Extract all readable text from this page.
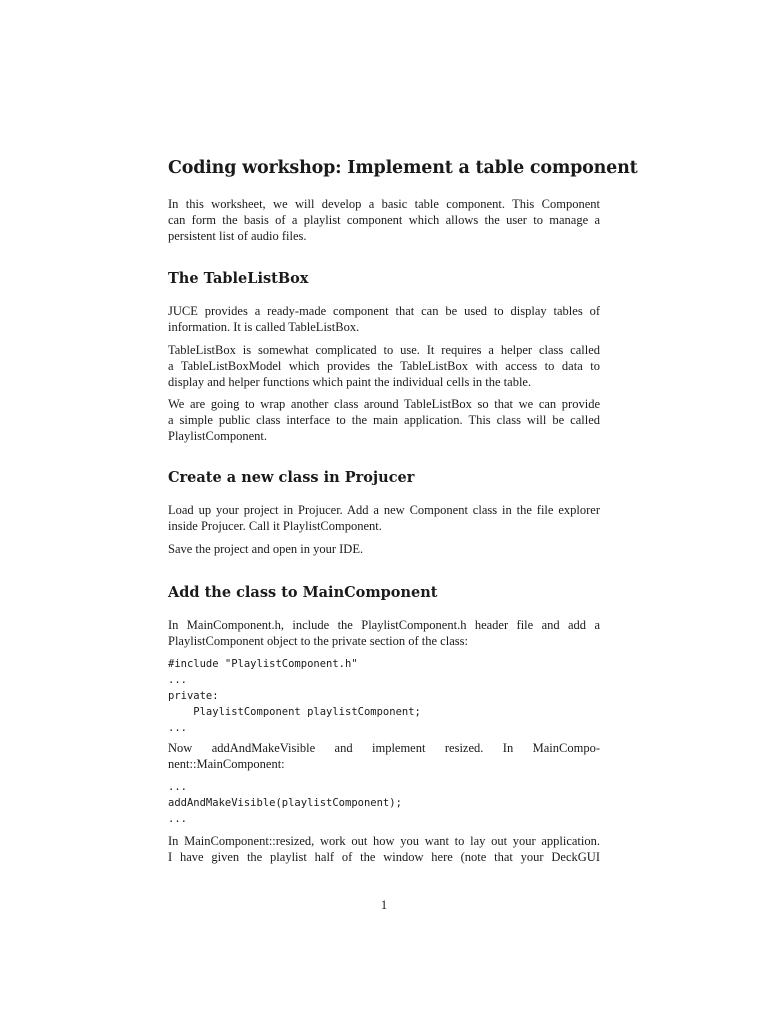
Coding workshop: Implement a table component

In this worksheet, we will develop a basic table component. This Component
can form the basis of a playlist component which allows the user to manage a
persistent list of audio files.

The TableListBox

JUCE provides a ready-made component that can be used to display tables of
information. It is called TableListBox.

TableListBox is somewhat complicated to use. It requires a helper class called
a TableListBoxModel which provides the TableListBox with access to data to
display and helper functions which paint the individual cells in the table.

We are going to wrap another class around TableListBox so that we can provide
a simple public class interface to the main application. This class will be called
PlaylistComponent.

Create a new class in Projucer

Load up your project in Projucer. Add a new Component class in the file explorer
inside Projucer. Call it PlaylistComponent.

Save the project and open in your IDE.

Add the class to MainComponent

In MainComponent.h, include the PlaylistComponent.h header file and add a
PlaylistComponent object to the private section of the class:

#include "PlaylistComponent.h"
...
private:
PlaylistComponent playlistComponent;
...

Now addAndMakeVisible and implement resized. In MainCompo-
nent::MainComponent:

...
addAndMakeVisible(playlistComponent);
...

In MainComponent::resized, work out how you want to lay out your application.
I have given the playlist half of the window here (note that your DeckGUI

1
